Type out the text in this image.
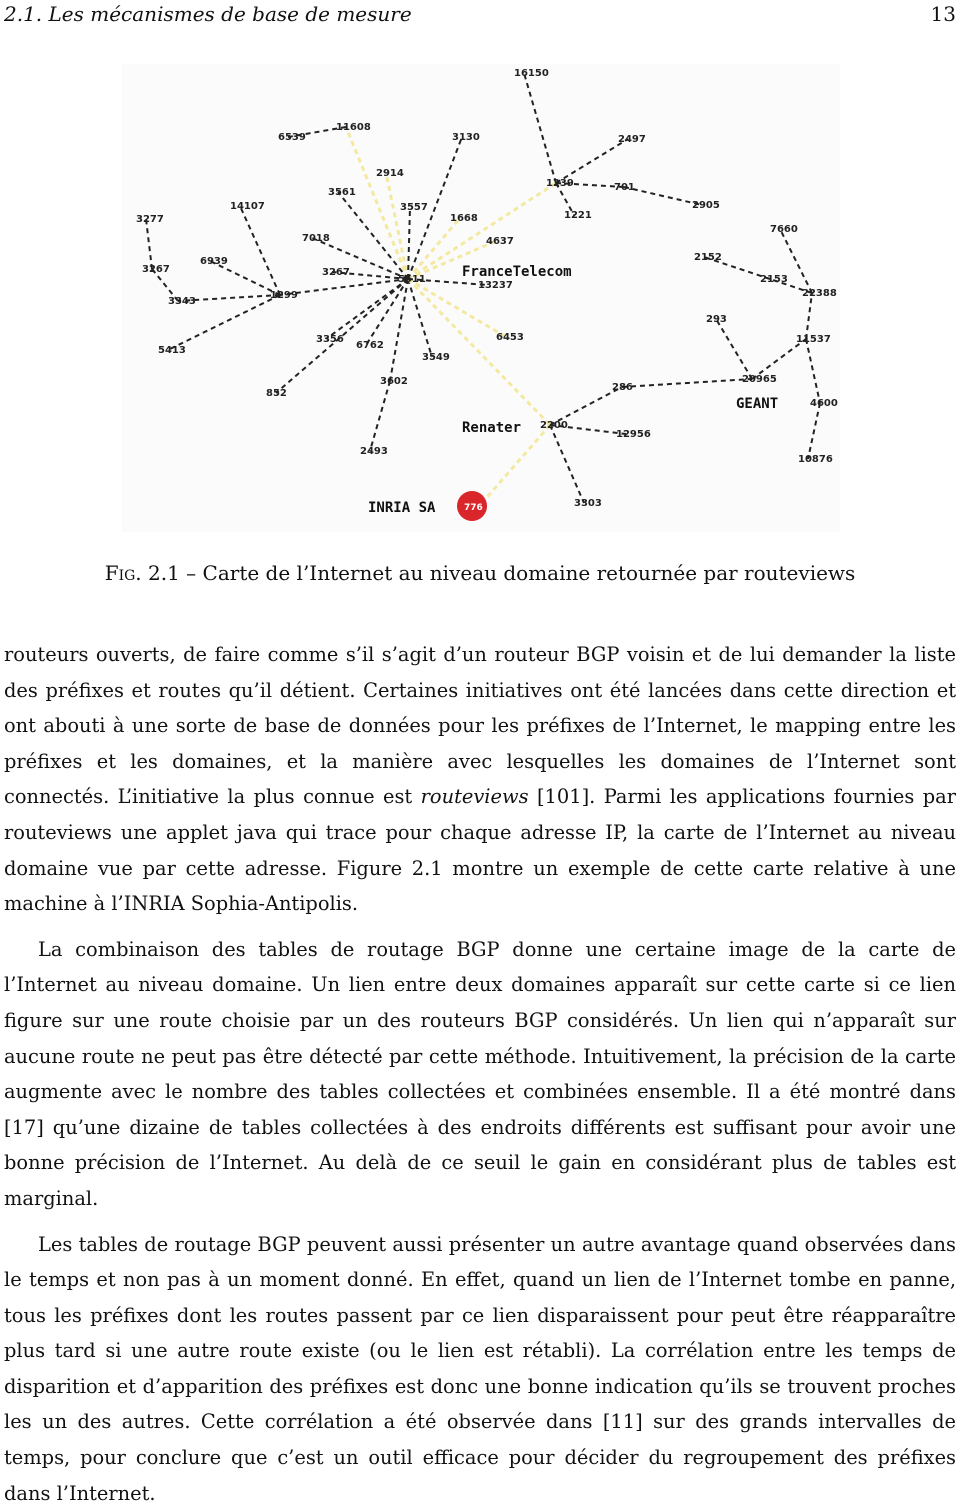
2.1. Les mécanismes de base de mesure	13
16150
6539
11608
3130	2497
2914
1239	701
2905
3277
14107
3561
3557
1668	1221
7660
7018	4637
2152
6939
3267	3267
5511
13237
2153
22388
3343
1299
293
11537
5413
3356
6762
3549
6453
852
3602
286
20965
4600
2200
12956
2493
3303
10876
FranceTelecom
Renater
GEANT
INRIA SA	776
Fig. 2.1 – Carte de l’Internet au niveau domaine retournée par routeviews

routeurs ouverts, de faire comme s’il s’agit d’un routeur BGP voisin et de lui demander la liste des préfixes et routes qu’il détient. Certaines initiatives ont été lancées dans cette direction et ont abouti à une sorte de base de données pour les préfixes de l’Internet, le mapping entre les préfixes et les domaines, et la manière avec lesquelles les domaines de l’Internet sont connectés. L’initiative la plus connue est routeviews [101]. Parmi les applications fournies par routeviews une applet java qui trace pour chaque adresse IP, la carte de l’Internet au niveau domaine vue par cette adresse. Figure 2.1 montre un exemple de cette carte relative à une machine à l’INRIA Sophia-Antipolis.

La combinaison des tables de routage BGP donne une certaine image de la carte de l’Internet au niveau domaine. Un lien entre deux domaines apparaît sur cette carte si ce lien figure sur une route choisie par un des routeurs BGP considérés. Un lien qui n’apparaît sur aucune route ne peut pas être détecté par cette méthode. Intuitivement, la précision de la carte augmente avec le nombre des tables collectées et combinées ensemble. Il a été montré dans [17] qu’une dizaine de tables collectées à des endroits différents est suffisant pour avoir une bonne précision de l’Internet. Au delà de ce seuil le gain en considérant plus de tables est marginal.

Les tables de routage BGP peuvent aussi présenter un autre avantage quand observées dans le temps et non pas à un moment donné. En effet, quand un lien de l’Internet tombe en panne, tous les préfixes dont les routes passent par ce lien disparaissent pour peut être réapparaître plus tard si une autre route existe (ou le lien est rétabli). La corrélation entre les temps de disparition et d’apparition des préfixes est donc une bonne indication qu’ils se trouvent proches les un des autres. Cette corrélation a été observée dans [11] sur des grands intervalles de temps, pour conclure que c’est un outil efficace pour décider du regroupement des préfixes dans l’Internet.
